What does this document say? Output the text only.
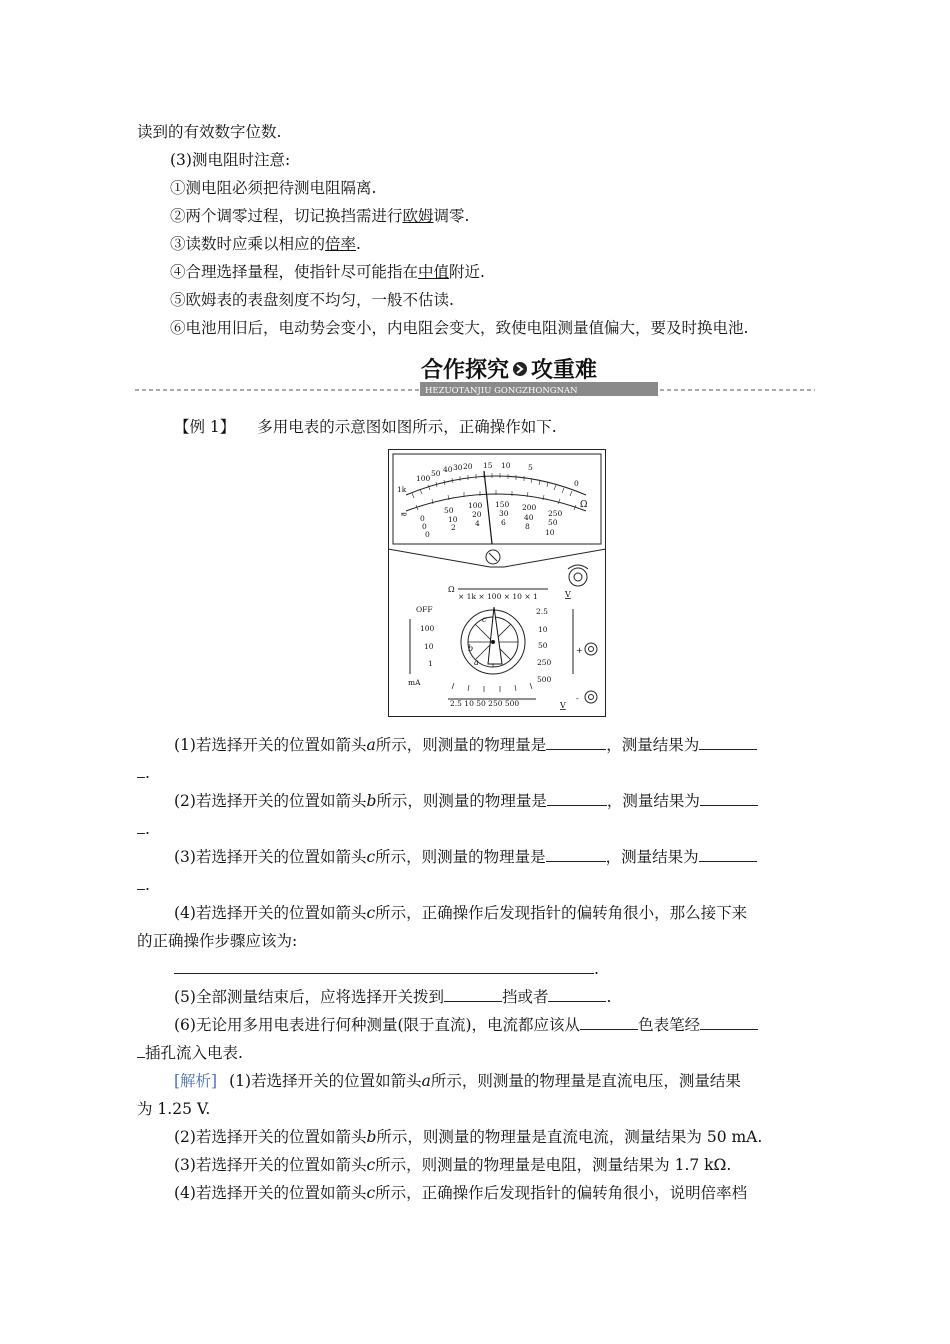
读到的有效数字位数.
(3)测电阻时注意:
①测电阻必须把待测电阻隔离.
②两个调零过程，切记换挡需进行欧姆调零.
③读数时应乘以相应的倍率.
④合理选择量程，使指针尽可能指在中值附近.
⑤欧姆表的表盘刻度不均匀，一般不估读.
⑥电池用旧后，电动势会变小，内电阻会变大，致使电阻测量值偏大，要及时换电池.
合作探究 攻重难
HEZUOTANJIU GONGZHONGNAN
【例 1】 多用电表的示意图如图所示，正确操作如下.
1k
100
50 40 30 20 15 10 5
0
Ω
≂ 0
50
100 150 200
250
0
10
20 30 40
50
0
2	4	6	8
10
Ω
× 1k × 100 × 10 × 1	V
c
b
a
OFF
100
10
1
mA
2.5
10
50
250
500
2.5 10 50 250 500	V
+
-
(1)若选择开关的位置如箭头a所示，则测量的物理量是	，测量结果为
.
(2)若选择开关的位置如箭头b所示，则测量的物理量是	，测量结果为
.
(3)若选择开关的位置如箭头c所示，则测量的物理量是	，测量结果为
.
(4)若选择开关的位置如箭头c所示，正确操作后发现指针的偏转角很小，那么接下来
的正确操作步骤应该为:
.
(5)全部测量结束后，应将选择开关拨到	挡或者	.
(6)无论用多用电表进行何种测量(限于直流)，电流都应该从	色表笔经
插孔流入电表.
[解析] (1)若选择开关的位置如箭头a所示，则测量的物理量是直流电压，测量结果
为 1.25 V.
(2)若选择开关的位置如箭头b所示，则测量的物理量是直流电流，测量结果为 50 mA.
(3)若选择开关的位置如箭头c所示，则测量的物理量是电阻，测量结果为 1.7 kΩ.
(4)若选择开关的位置如箭头c所示，正确操作后发现指针的偏转角很小，说明倍率档
